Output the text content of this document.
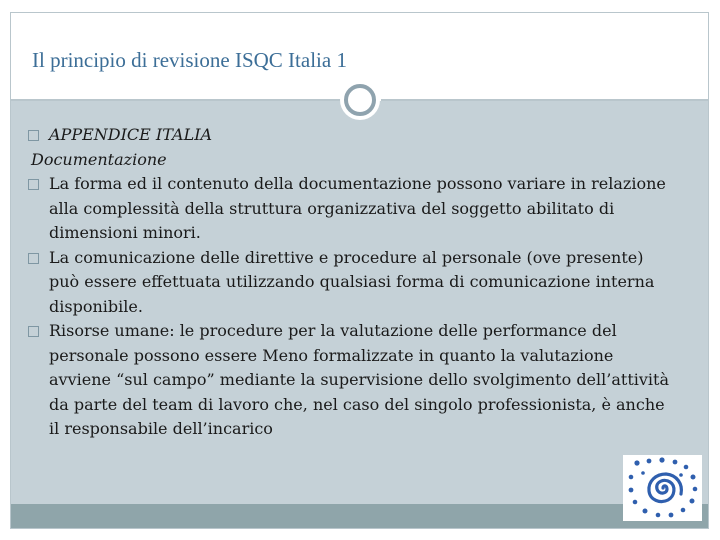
Il principio di revisione ISQC Italia 1
APPENDICE ITALIA
Documentazione
La forma ed il contenuto della documentazione possono variare in relazione alla complessità della struttura organizzativa del soggetto abilitato di dimensioni minori.
La comunicazione delle direttive e procedure al personale (ove presente) può essere effettuata utilizzando qualsiasi forma di comunicazione interna disponibile.
Risorse umane: le procedure per la valutazione delle performance del personale possono essere Meno formalizzate in quanto la valutazione avviene “sul campo” mediante la supervisione dello svolgimento dell’attività da parte del team di lavoro che, nel caso del singolo professionista, è anche il responsabile dell’incarico
